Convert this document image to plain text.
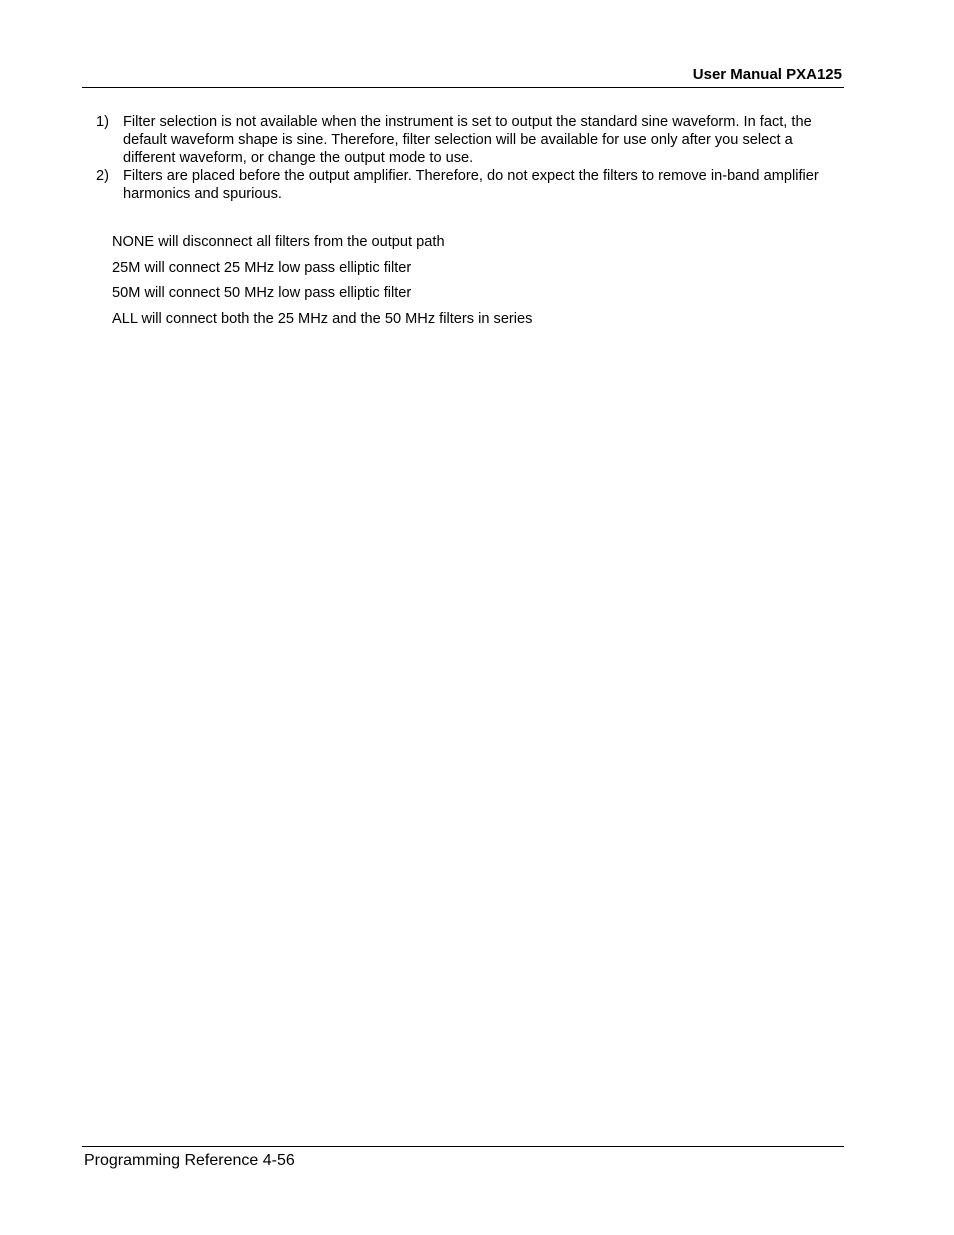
User Manual PXA125
1) Filter selection is not available when the instrument is set to output the standard sine waveform. In fact, the default waveform shape is sine. Therefore, filter selection will be available for use only after you select a different waveform, or change the output mode to use.
2) Filters are placed before the output amplifier. Therefore, do not expect the filters to remove in-band amplifier harmonics and spurious.
NONE will disconnect all filters from the output path
25M will connect 25 MHz low pass elliptic filter
50M will connect 50 MHz low pass elliptic filter
ALL will connect both the 25 MHz and the 50 MHz filters in series
Programming Reference 4-56
